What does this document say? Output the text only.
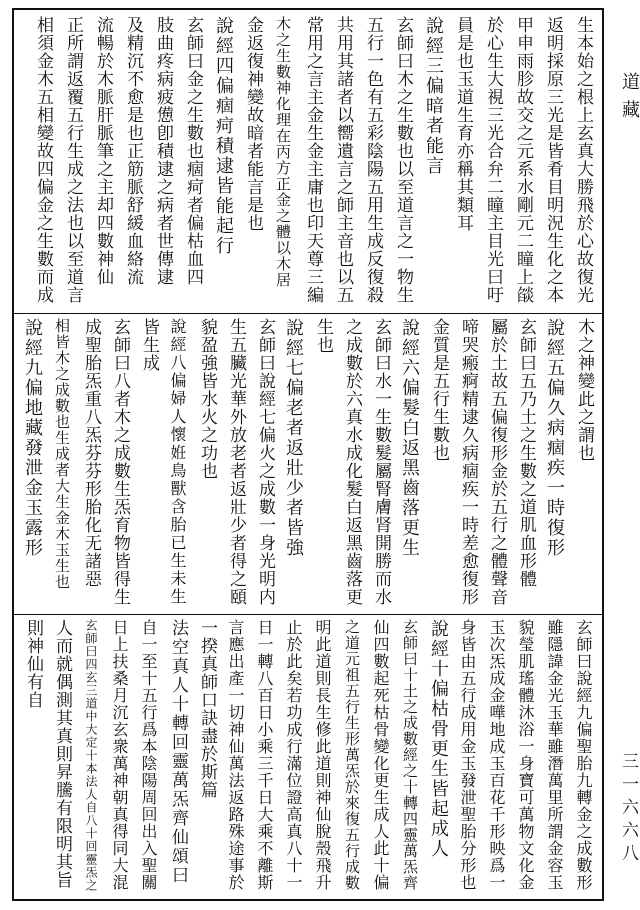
生本始之根上玄真大勝飛於心故復光
返明採原三光是皆肴目明況生化之本
甲申雨胗故交之元系水剛元二瞳上燄
於心生大視三光合弁二瞳主目光曰吁
員是也玉道生育亦稱其類耳
說經三偏暗者能言
玄師曰木之生數也以至道言之一物生
五行一色有五彩陰陽五用生成反復殺
共用其諸者以嚮遺言之師主音也以五
常用之言主金生金主庸也印天尊三編
木之生數神化理在丙方正金之體以木居
金返復神變故暗者能言是也
說經四偏痼疴積逮皆能起行
玄師曰金之生數也痼疴者偏枯血四
肢曲疼病疲憊卽積逮之病者世傳逮
及精沉不愈是也正筋脈舒緩血絡流
流暢於木脈肝脈筆之主却四數神仙
正所謂返覆五行生成之法也以至道言
相須金木五相變故四偏金之生數而成
木之神變此之謂也
說經五偏久病痼疾一時復形
玄師曰五乃土之生數之道肌血形體
屬於土故五偏復形金於五行之體聲音
啼哭瘢痾精逮久病痼疾一時差愈復形
金質是五行生數也
說經六偏髮白返黑齒落更生
玄師曰水一生數髮屬腎膚肾開勝而水
之成數於六真水成化髮白返黑齒落更
生也
說經七偏老者返壯少者皆強
玄師曰說經七偏火之成數一身光明内
生五臟光華外放老者返壯少者得之頤
貌盈強皆水火之功也
說經八偏婦人懷姙鳥獸含胎已生未生
皆生成
玄師曰八者木之成數生炁育物皆得生
成聖胎炁重八炁芬芬形胎化无諸惡
相皆木之成數也生成者大生金木玉生也
說經九偏地藏發泄金玉露形
玄師曰說經九偏聖胎九轉金之成數形
雖隱諱金光玉華雖潛萬里所謂金容玉
貌瑩肌瑤體沐浴一身寶可萬物文化金
玉次炁成金嘩地成玉百花千形映爲一
身皆由五行成用金玉發泄聖胎分形也
說經十偏枯骨更生皆起成人
玄師曰十土之成數經之十轉四靈萬炁齊
仙四數起死枯骨變化更生成人此十偏
之道元祖五行生形萬炁於來復五行成數
明此道則長生修此道則神仙脫殼飛升
止於此矣若功成行滿位證高真八十一
日一轉八百日小乘三千日大乘不離斯
言應出產一切神仙萬法返路殊途事於
一揆真師口訣盡於斯篇
法空真人十轉回靈萬炁齊仙頌曰
自一至十五行爲本陰陽周回出入聖關
日上扶桑月沉玄衆萬神朝真得同大混
玄師曰四玄三道中大定十本法人自八十回靈炁之
人而就偶測其真則昇騰有限明其旨
則神仙有自
道藏
三一六六八
